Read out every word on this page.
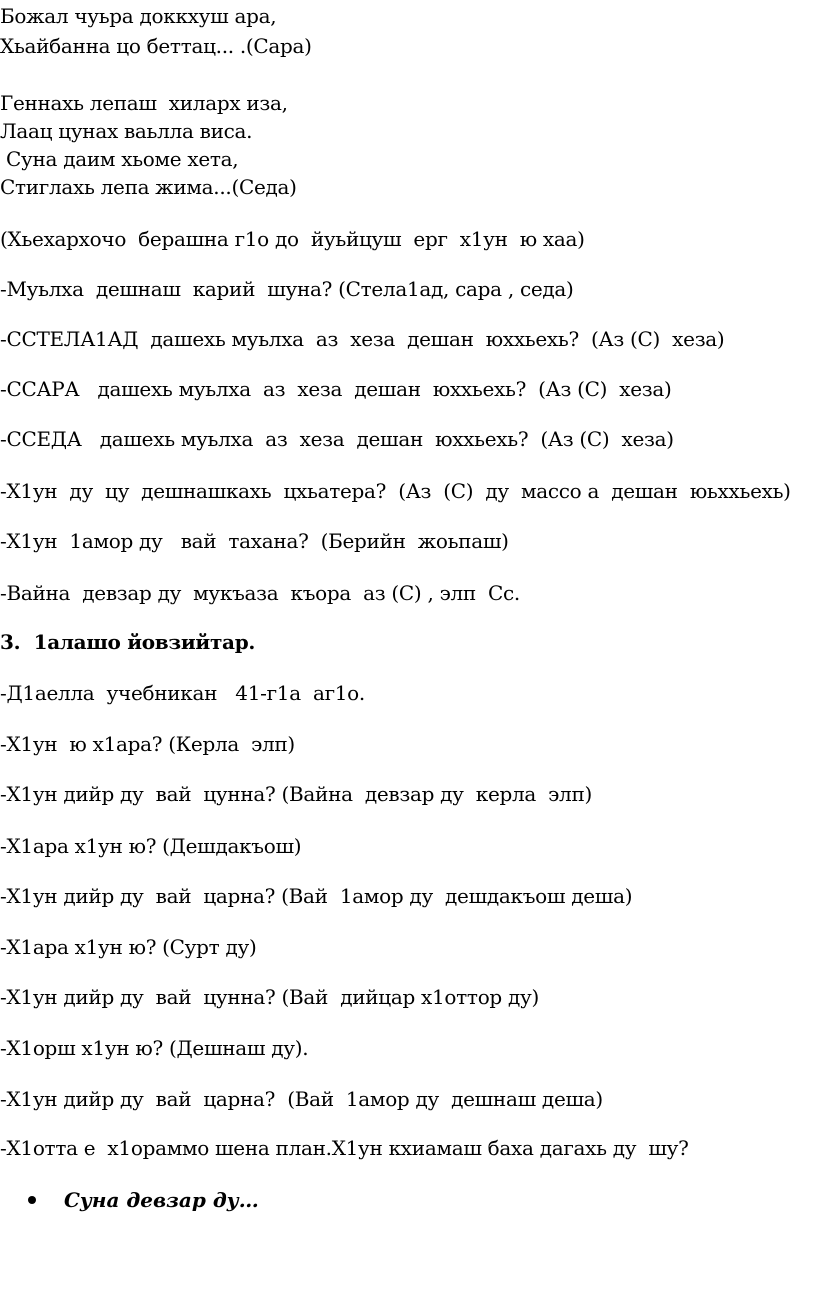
Божал чуьра доккхуш ара,
Хьайбанна цо беттац... .(Сара)
Геннахь лепаш  хиларх иза,
Лаац цунах ваьлла виса.
Суна даим хьоме хета,
Стиглахь лепа жима...(Седа)
(Хьехархочо  берашна г1о до  йуьйцуш  ерг  х1ун  ю хаа)
-Муьлха  дешнаш  карий  шуна? (Стела1ад, сара , седа)
-ССТЕЛА1АД  дашехь муьлха  аз  хеза  дешан  юххьехь?  (Аз (С)  хеза)
-ССАРА   дашехь муьлха  аз  хеза  дешан  юххьехь?  (Аз (С)  хеза)
-ССЕДА   дашехь муьлха  аз  хеза  дешан  юххьехь?  (Аз (С)  хеза)
-Х1ун  ду  цу  дешнашкахь  цхьатера?  (Аз  (С)  ду  массо а  дешан  юьххьехь)
-Х1ун  1амор ду   вай  тахана?  (Берийн  жоьпаш)
-Вайна  девзар ду  мукъаза  къора  аз (С) , элп  Сс.
3.  1алашо йовзийтар.
-Д1аелла  учебникан   41-г1а  аг1о.
-Х1ун  ю х1ара? (Керла  элп)
-Х1ун дийр ду  вай  цунна? (Вайна  девзар ду  керла  элп)
-Х1ара х1ун ю? (Дешдакъош)
-Х1ун дийр ду  вай  царна? (Вай  1амор ду  дешдакъош деша)
-Х1ара х1ун ю? (Сурт ду)
-Х1ун дийр ду  вай  цунна? (Вай  дийцар х1оттор ду)
-Х1орш х1ун ю? (Дешнаш ду).
-Х1ун дийр ду  вай  царна?  (Вай  1амор ду  дешнаш деша)
-Х1отта е  х1ораммо шена план.Х1ун кхиамаш баха дагахь ду  шу?

Суна девзар ду…
